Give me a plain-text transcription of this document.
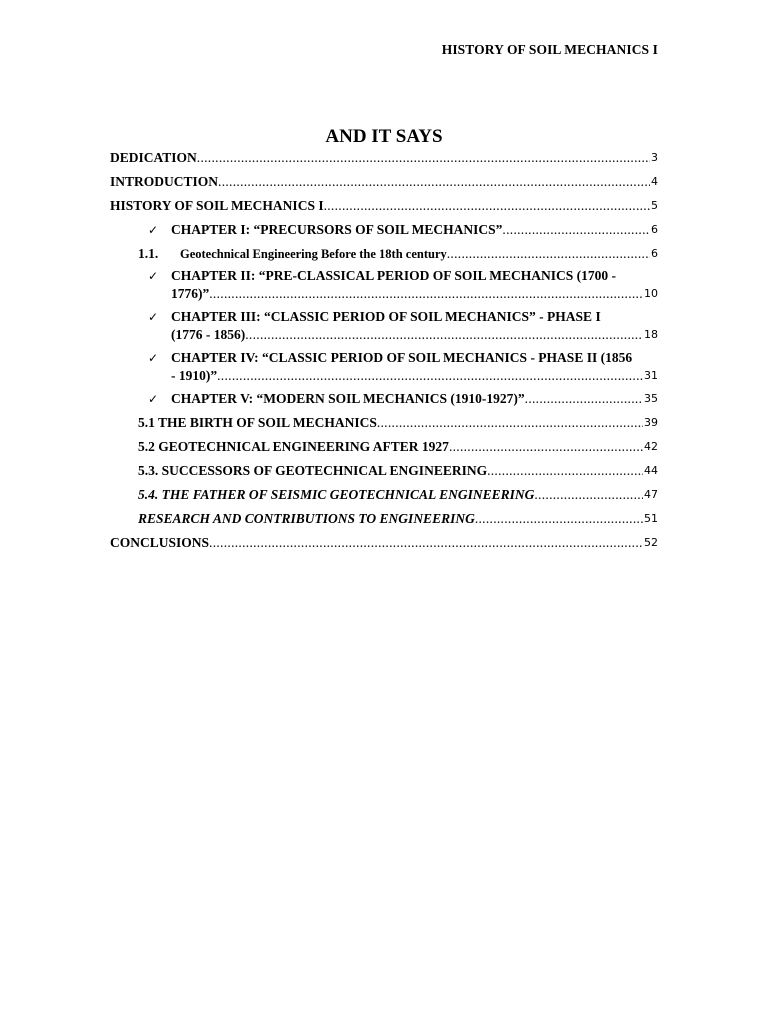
HISTORY OF SOIL MECHANICS I
AND IT SAYS
DEDICATION .....	3
INTRODUCTION .....	4
HISTORY OF SOIL MECHANICS I .....	5
✓ CHAPTER I: “PRECURSORS OF SOIL MECHANICS” .....	6
1.1. Geotechnical Engineering Before the 18th century .....	6
✓ CHAPTER II: “PRE-CLASSICAL PERIOD OF SOIL MECHANICS (1700 -
1776)” .....	10
✓ CHAPTER III: “CLASSIC PERIOD OF SOIL MECHANICS” - PHASE I
(1776 - 1856) .....	18
✓ CHAPTER IV: “CLASSIC PERIOD OF SOIL MECHANICS - PHASE II (1856
- 1910)” .....	31
✓ CHAPTER V: “MODERN SOIL MECHANICS (1910-1927)” .....	35
5.1 THE BIRTH OF SOIL MECHANICS .....	39
5.2 GEOTECHNICAL ENGINEERING AFTER 1927 .....	42
5.3. SUCCESSORS OF GEOTECHNICAL ENGINEERING .....	44
5.4. THE FATHER OF SEISMIC GEOTECHNICAL ENGINEERING .....	47
RESEARCH AND CONTRIBUTIONS TO ENGINEERING .....	51
CONCLUSIONS .....	52
